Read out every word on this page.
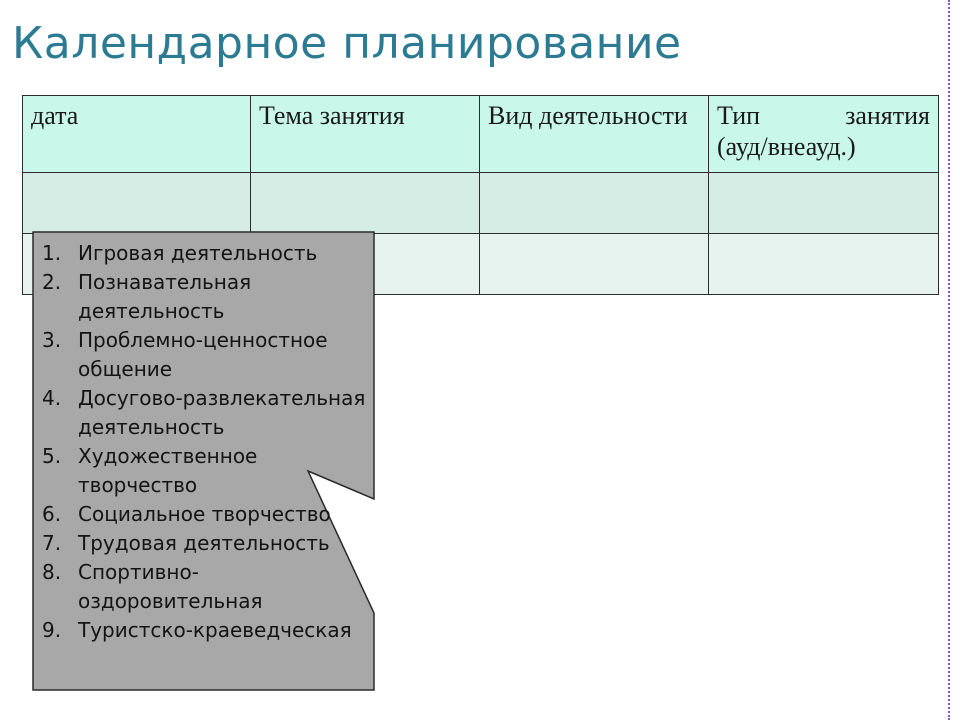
Календарное планирование
дата	Тема занятия	Вид деятельности	Тип занятия
(ауд/внеауд.)

1. Игровая деятельность
2. Познавательная деятельность
3. Проблемно-ценностное общение
4. Досугово-развлекательная деятельность
5. Художественное творчество
6. Социальное творчество
7. Трудовая деятельность
8. Спортивно-оздоровительная
9. Туристско-краеведческая
